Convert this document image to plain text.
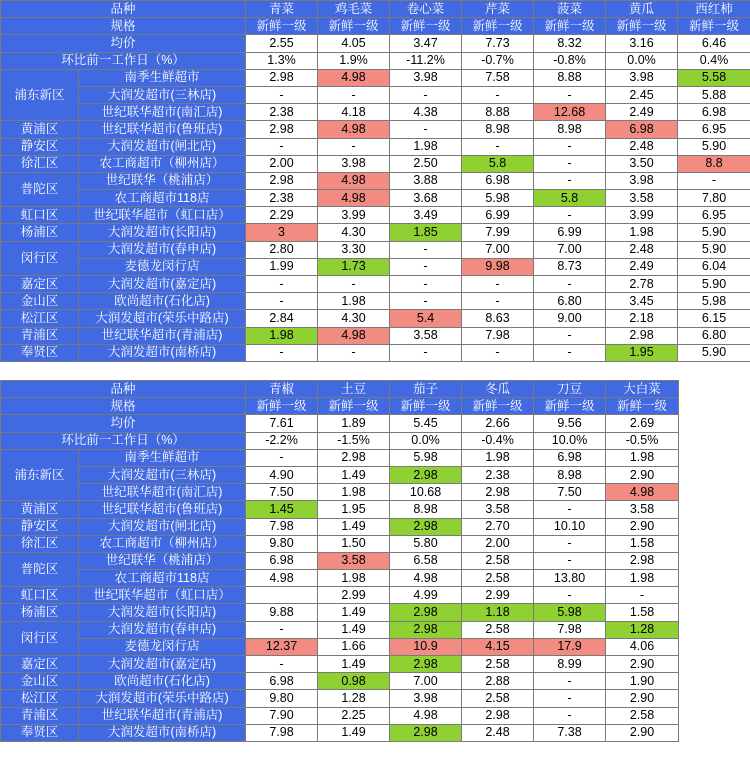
品种		青菜	鸡毛菜	卷心菜	芹菜	菠菜	黄瓜	西红柿
规格		新鲜一级	新鲜一级	新鲜一级	新鲜一级	新鲜一级	新鲜一级	新鲜一级
均价		2.55	4.05	3.47	7.73	8.32	3.16	6.46
环比前一工作日（%）		1.3%	1.9%	-11.2%	-0.7%	-0.8%	0.0%	0.4%
浦东新区	南季生鲜超市	2.98	4.98	3.98	7.58	8.88	3.98	5.58
	大润发超市(三林店)	-	-	-	-	-	2.45	5.88
	世纪联华超市(南汇店)	2.38	4.18	4.38	8.88	12.68	2.49	6.98
黄浦区	世纪联华超市(鲁班店)	2.98	4.98	-	8.98	8.98	6.98	6.95
静安区	大润发超市(闸北店)	-	-	1.98	-	-	2.48	5.90
徐汇区	农工商超市（柳州店）	2.00	3.98	2.50	5.8	-	3.50	8.8
普陀区	世纪联华（桃浦店）	2.98	4.98	3.88	6.98	-	3.98	-
	农工商超市118店	2.38	4.98	3.68	5.98	5.8	3.58	7.80
虹口区	世纪联华超市（虹口店）	2.29	3.99	3.49	6.99	-	3.99	6.95
杨浦区	大润发超市(长阳店)	3	4.30	1.85	7.99	6.99	1.98	5.90
闵行区	大润发超市(春申店)	2.80	3.30	-	7.00	7.00	2.48	5.90
	麦德龙闵行店	1.99	1.73	-	9.98	8.73	2.49	6.04
嘉定区	大润发超市(嘉定店)	-	-	-	-	-	2.78	5.90
金山区	欧尚超市(石化店)	-	1.98	-	-	6.80	3.45	5.98
松江区	大润发超市(荣乐中路店)	2.84	4.30	5.4	8.63	9.00	2.18	6.15
青浦区	世纪联华超市(青浦店)	1.98	4.98	3.58	7.98	-	2.98	6.80
奉贤区	大润发超市(南桥店)	-	-	-	-	-	1.95	5.90
品种		青椒	土豆	茄子	冬瓜	刀豆	大白菜
规格		新鲜一级	新鲜一级	新鲜一级	新鲜一级	新鲜一级	新鲜一级
均价		7.61	1.89	5.45	2.66	9.56	2.69
环比前一工作日（%）		-2.2%	-1.5%	0.0%	-0.4%	10.0%	-0.5%
浦东新区	南季生鲜超市	-	2.98	5.98	1.98	6.98	1.98
	大润发超市(三林店)	4.90	1.49	2.98	2.38	8.98	2.90
	世纪联华超市(南汇店)	7.50	1.98	10.68	2.98	7.50	4.98
黄浦区	世纪联华超市(鲁班店)	1.45	1.95	8.98	3.58	-	3.58
静安区	大润发超市(闸北店)	7.98	1.49	2.98	2.70	10.10	2.90
徐汇区	农工商超市（柳州店）	9.80	1.50	5.80	2.00	-	1.58
普陀区	世纪联华（桃浦店）	6.98	3.58	6.58	2.58	-	2.98
	农工商超市118店	4.98	1.98	4.98	2.58	13.80	1.98
虹口区	世纪联华超市（虹口店）		2.99	4.99	2.99	-	-
杨浦区	大润发超市(长阳店)	9.88	1.49	2.98	1.18	5.98	1.58
闵行区	大润发超市(春申店)	-	1.49	2.98	2.58	7.98	1.28
	麦德龙闵行店	12.37	1.66	10.9	4.15	17.9	4.06
嘉定区	大润发超市(嘉定店)	-	1.49	2.98	2.58	8.99	2.90
金山区	欧尚超市(石化店)	6.98	0.98	7.00	2.88	-	1.90
松江区	大润发超市(荣乐中路店)	9.80	1.28	3.98	2.58	-	2.90
青浦区	世纪联华超市(青浦店)	7.90	2.25	4.98	2.98	-	2.58
奉贤区	大润发超市(南桥店)	7.98	1.49	2.98	2.48	7.38	2.90
